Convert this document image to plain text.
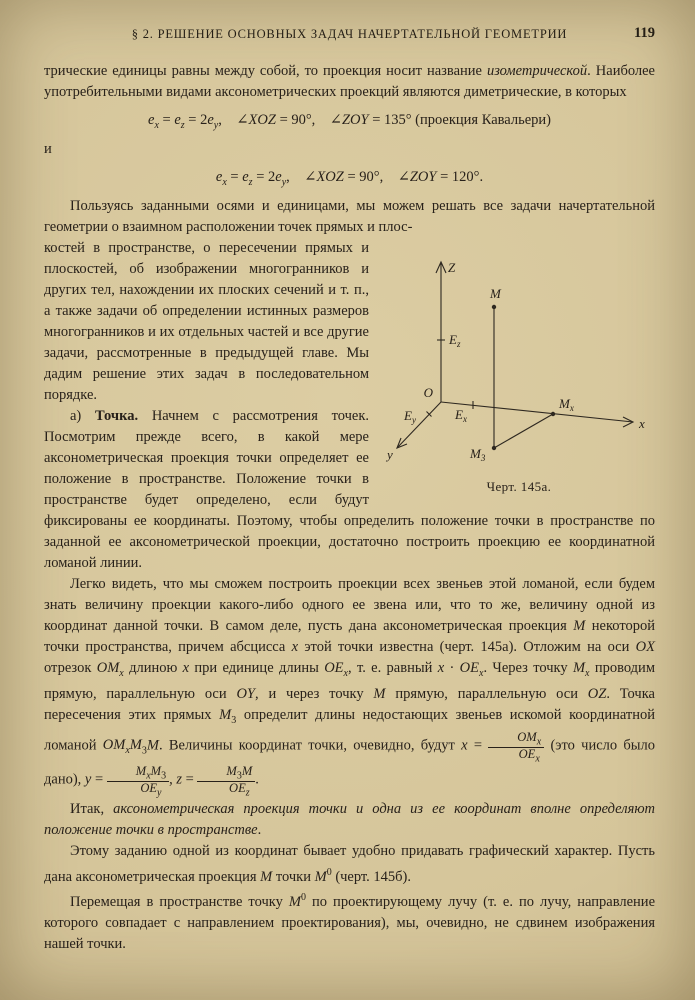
§ 2. РЕШЕНИЕ ОСНОВНЫХ ЗАДАЧ НАЧЕРТАТЕЛЬНОЙ ГЕОМЕТРИИ	119

трические единицы равны между собой, то проекция носит название изометрической. Наиболее употребительными видами аксонометрических проекций являются диметрические, в которых

$e_x = e_z = 2e_y$,    ∠XOZ = 90°,    ∠ZOY = 135° (проекция Кавальери)
и
$e_x = e_z = 2e_y$,    ∠XOZ = 90°,    ∠ZOY = 120°.

Пользуясь заданными осями и единицами, мы можем решать все задачи начертательной геометрии о взаимном расположении точек прямых и плос-

Z
x
y
O
M
$E_z$
$E_y$	$E_x$
$M_x$
$M_3$
Черт. 145а.

костей в пространстве, о пересечении прямых и плоскостей, об изображении многогранников и других тел, нахождении их плоских сечений и т. п., а также задачи об определении истинных размеров многогранников и их отдельных частей и все другие задачи, рассмотренные в предыдущей главе. Мы дадим решение этих задач в последовательном порядке.

а) Точка. Начнем с рассмотрения точек. Посмотрим прежде всего, в какой мере аксонометрическая проекция точки определяет ее положение в пространстве. Положение точки в пространстве будет определено, если будут фиксированы ее координаты. Поэтому, чтобы определить положение точки в пространстве по заданной ее аксонометрической проекции, достаточно построить проекцию ее координатной ломаной линии.

Легко видеть, что мы сможем построить проекции всех звеньев этой ломаной, если будем знать величину проекции какого-либо одного ее звена или, что то же, величину одной из координат данной точки. В самом деле, пусть дана аксонометрическая проекция M некоторой точки пространства, причем абсцисса x этой точки известна (черт. 145а). Отложим на оси OX отрезок $OM_x$ длиною x при единице длины $OE_x$, т. е. равный $x \cdot OE_x$. Через точку $M_x$ проводим прямую, параллельную оси OY, и через точку M прямую, параллельную оси OZ. Точка пересечения этих прямых $M_3$ определит длины недостающих звеньев искомой координатной ломаной $OM_xM_3M$. Величины координат точки, очевидно, будут $x = \frac{OM_x}{OE_x} (это$ число было дано), $y = \frac{M_xM_3}{OE_y}$ , $z = \frac{M_3M}{OE_z}$ .

Итак, аксонометрическая проекция точки и одна из ее координат вполне определяют положение точки в пространстве.

Этому заданию одной из координат бывает удобно придавать графический характер. Пусть дана аксонометрическая проекция M точки $M^0$ (черт. 145б).

Перемещая в пространстве точку $M^0$ по проектирующему лучу (т. е. по лучу, направление которого совпадает с направлением проектирования), мы, очевидно, не сдвинем изображения нашей точки.
